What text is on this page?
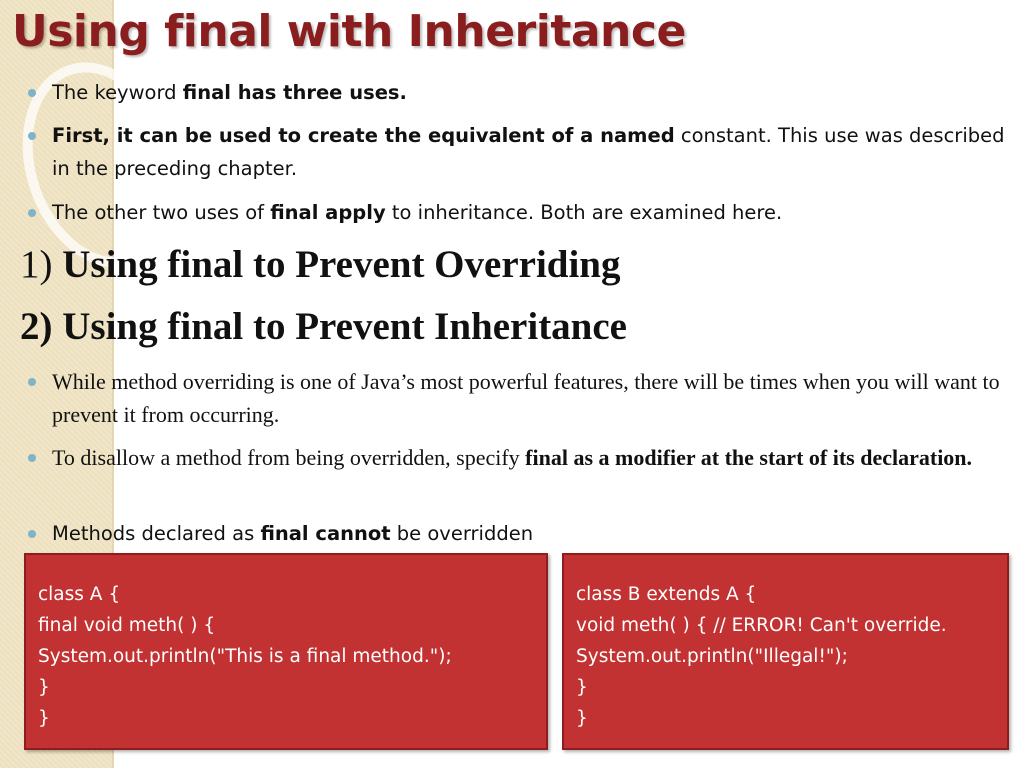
Using final with Inheritance
The keyword final has three uses.
First, it can be used to create the equivalent of a named constant. This use was described in the preceding chapter.
The other two uses of final apply to inheritance. Both are examined here.
1) Using final to Prevent Overriding
2) Using final to Prevent Inheritance
While method overriding is one of Java’s most powerful features, there will be times when you will want to prevent it from occurring.
To disallow a method from being overridden, specify final as a modifier at the start of its declaration.
Methods declared as final cannot be overridden
class A {
final void meth( ) {
System.out.println("This is a final method.");
}
}
class B extends A {
void meth( ) { // ERROR! Can't override.
System.out.println("Illegal!");
}
}
